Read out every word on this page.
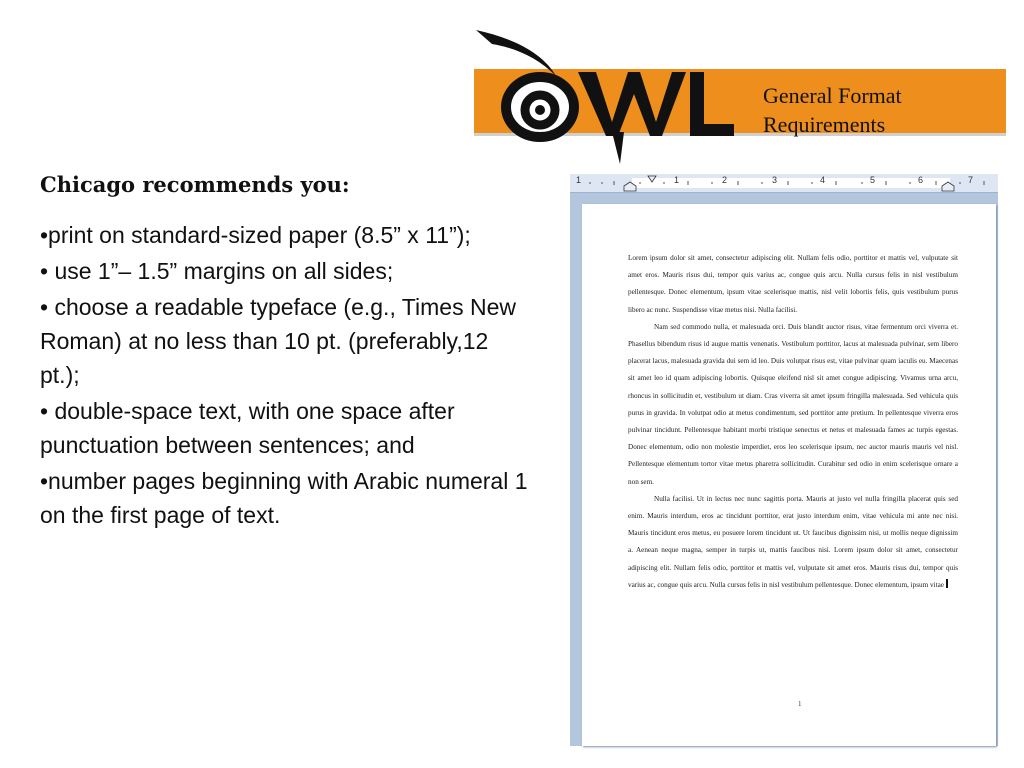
General Format
Requirements
Chicago recommends you:
•print on standard-sized paper (8.5” x 11”);
• use 1”– 1.5” margins on all sides;
• choose a readable typeface (e.g., Times New Roman) at no less than 10 pt. (preferably,12 pt.);
• double-space text, with one space after punctuation between sentences; and
•number pages beginning with Arabic numeral 1 on the first page of text.
1	1	2	3	4	5	6	7

Lorem ipsum dolor sit amet, consectetur adipiscing elit. Nullam felis odio, porttitor et mattis vel, vulputate sit amet eros. Mauris risus dui, tempor quis varius ac, congue quis arcu. Nulla cursus felis in nisl vestibulum pellentesque. Donec elementum, ipsum vitae scelerisque mattis, nisl velit lobortis felis, quis vestibulum purus libero ac nunc. Suspendisse vitae metus nisi. Nulla facilisi.

Nam sed commodo nulla, et malesuada orci. Duis blandit auctor risus, vitae fermentum orci viverra et. Phasellus bibendum risus id augue mattis venenatis. Vestibulum porttitor, lacus at malesuada pulvinar, sem libero placerat lacus, malesuada gravida dui sem id leo. Duis volutpat risus est, vitae pulvinar quam iaculis eu. Maecenas sit amet leo id quam adipiscing lobortis. Quisque eleifend nisl sit amet congue adipiscing. Vivamus urna arcu, rhoncus in sollicitudin et, vestibulum ut diam. Cras viverra sit amet ipsum fringilla malesuada. Sed vehicula quis purus in gravida. In volutpat odio at metus condimentum, sed porttitor ante pretium. In pellentesque viverra eros pulvinar tincidunt. Pellentesque habitant morbi tristique senectus et netus et malesuada fames ac turpis egestas. Donec elementum, odio non molestie imperdiet, eros leo scelerisque ipsum, nec auctor mauris mauris vel nisl. Pellentesque elementum tortor vitae metus pharetra sollicitudin. Curabitur sed odio in enim scelerisque ornare a non sem.

Nulla facilisi. Ut in lectus nec nunc sagittis porta. Mauris at justo vel nulla fringilla placerat quis sed enim. Mauris interdum, eros ac tincidunt porttitor, erat justo interdum enim, vitae vehicula mi ante nec nisi. Mauris tincidunt eros metus, eu posuere lorem tincidunt ut. Ut faucibus dignissim nisi, ut mollis neque dignissim a. Aenean neque magna, semper in turpis ut, mattis faucibus nisi. Lorem ipsum dolor sit amet, consectetur adipiscing elit. Nullam felis odio, porttitor et mattis vel, vulputate sit amet eros. Mauris risus dui, tempor quis varius ac, congue quis arcu. Nulla cursus felis in nisl vestibulum pellentesque. Donec elementum, ipsum vitae

1
